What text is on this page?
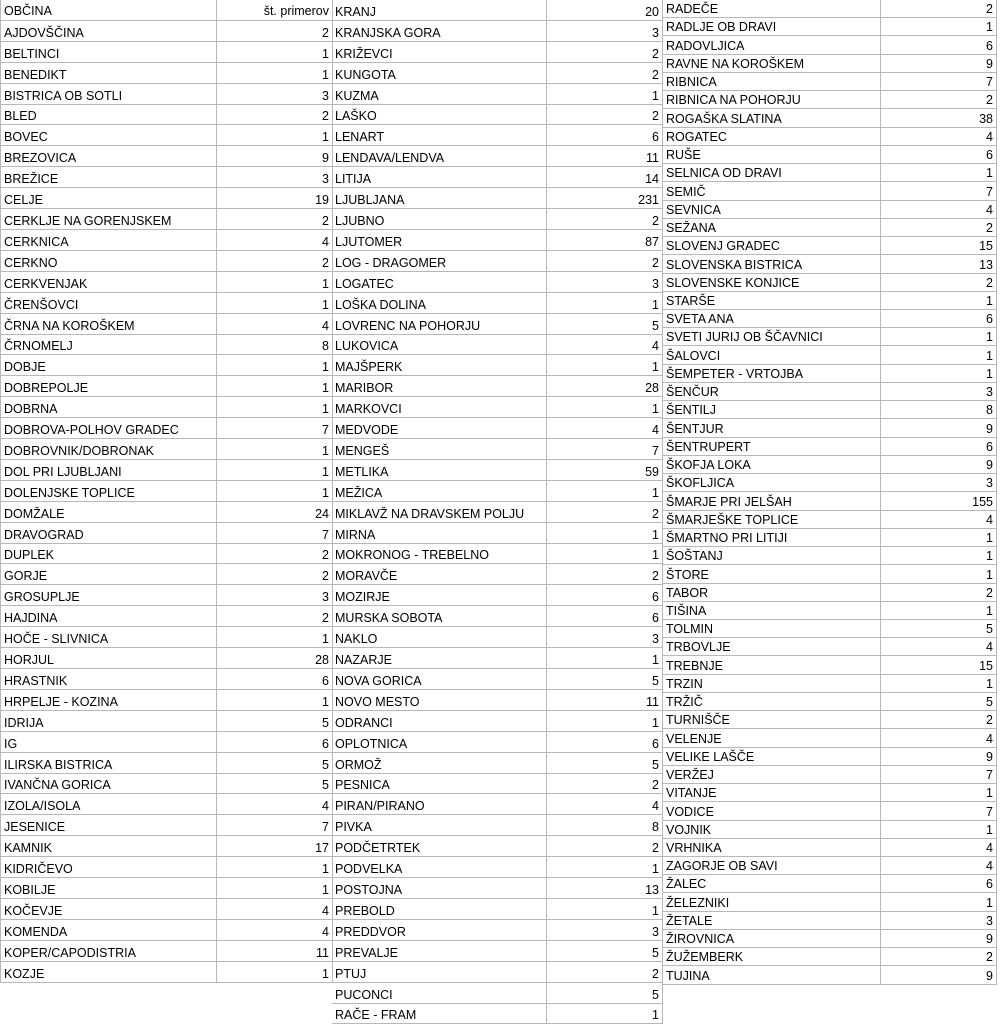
OBČINA	št. primerov
AJDOVŠČINA	2
BELTINCI	1
BENEDIKT	1
BISTRICA OB SOTLI	3
BLED	2
BOVEC	1
BREZOVICA	9
BREŽICE	3
CELJE	19
CERKLJE NA GORENJSKEM	2
CERKNICA	4
CERKNO	2
CERKVENJAK	1
ČRENŠOVCI	1
ČRNA NA KOROŠKEM	4
ČRNOMELJ	8
DOBJE	1
DOBREPOLJE	1
DOBRNA	1
DOBROVA-POLHOV GRADEC	7
DOBROVNIK/DOBRONAK	1
DOL PRI LJUBLJANI	1
DOLENJSKE TOPLICE	1
DOMŽALE	24
DRAVOGRAD	7
DUPLEK	2
GORJE	2
GROSUPLJE	3
HAJDINA	2
HOČE - SLIVNICA	1
HORJUL	28
HRASTNIK	6
HRPELJE - KOZINA	1
IDRIJA	5
IG	6
ILIRSKA BISTRICA	5
IVANČNA GORICA	5
IZOLA/ISOLA	4
JESENICE	7
KAMNIK	17
KIDRIČEVO	1
KOBILJE	1
KOČEVJE	4
KOMENDA	4
KOPER/CAPODISTRIA	11
KOZJE	1
KRANJ	20
KRANJSKA GORA	3
KRIŽEVCI	2
KUNGOTA	2
KUZMA	1
LAŠKO	2
LENART	6
LENDAVA/LENDVA	11
LITIJA	14
LJUBLJANA	231
LJUBNO	2
LJUTOMER	87
LOG - DRAGOMER	2
LOGATEC	3
LOŠKA DOLINA	1
LOVRENC NA POHORJU	5
LUKOVICA	4
MAJŠPERK	1
MARIBOR	28
MARKOVCI	1
MEDVODE	4
MENGEŠ	7
METLIKA	59
MEŽICA	1
MIKLAVŽ NA DRAVSKEM POLJU	2
MIRNA	1
MOKRONOG - TREBELNO	1
MORAVČE	2
MOZIRJE	6
MURSKA SOBOTA	6
NAKLO	3
NAZARJE	1
NOVA GORICA	5
NOVO MESTO	11
ODRANCI	1
OPLOTNICA	6
ORMOŽ	5
PESNICA	2
PIRAN/PIRANO	4
PIVKA	8
PODČETRTEK	2
PODVELKA	1
POSTOJNA	13
PREBOLD	1
PREDDVOR	3
PREVALJE	5
PTUJ	2
PUCONCI	5
RAČE - FRAM	1
RADEČE	2
RADLJE OB DRAVI	1
RADOVLJICA	6
RAVNE NA KOROŠKEM	9
RIBNICA	7
RIBNICA NA POHORJU	2
ROGAŠKA SLATINA	38
ROGATEC	4
RUŠE	6
SELNICA OD DRAVI	1
SEMIČ	7
SEVNICA	4
SEŽANA	2
SLOVENJ GRADEC	15
SLOVENSKA BISTRICA	13
SLOVENSKE KONJICE	2
STARŠE	1
SVETA ANA	6
SVETI JURIJ OB ŠČAVNICI	1
ŠALOVCI	1
ŠEMPETER - VRTOJBA	1
ŠENČUR	3
ŠENTILJ	8
ŠENTJUR	9
ŠENTRUPERT	6
ŠKOFJA LOKA	9
ŠKOFLJICA	3
ŠMARJE PRI JELŠAH	155
ŠMARJEŠKE TOPLICE	4
ŠMARTNO PRI LITIJI	1
ŠOŠTANJ	1
ŠTORE	1
TABOR	2
TIŠINA	1
TOLMIN	5
TRBOVLJE	4
TREBNJE	15
TRZIN	1
TRŽIČ	5
TURNIŠČE	2
VELENJE	4
VELIKE LAŠČE	9
VERŽEJ	7
VITANJE	1
VODICE	7
VOJNIK	1
VRHNIKA	4
ZAGORJE OB SAVI	4
ŽALEC	6
ŽELEZNIKI	1
ŽETALE	3
ŽIROVNICA	9
ŽUŽEMBERK	2
TUJINA	9
